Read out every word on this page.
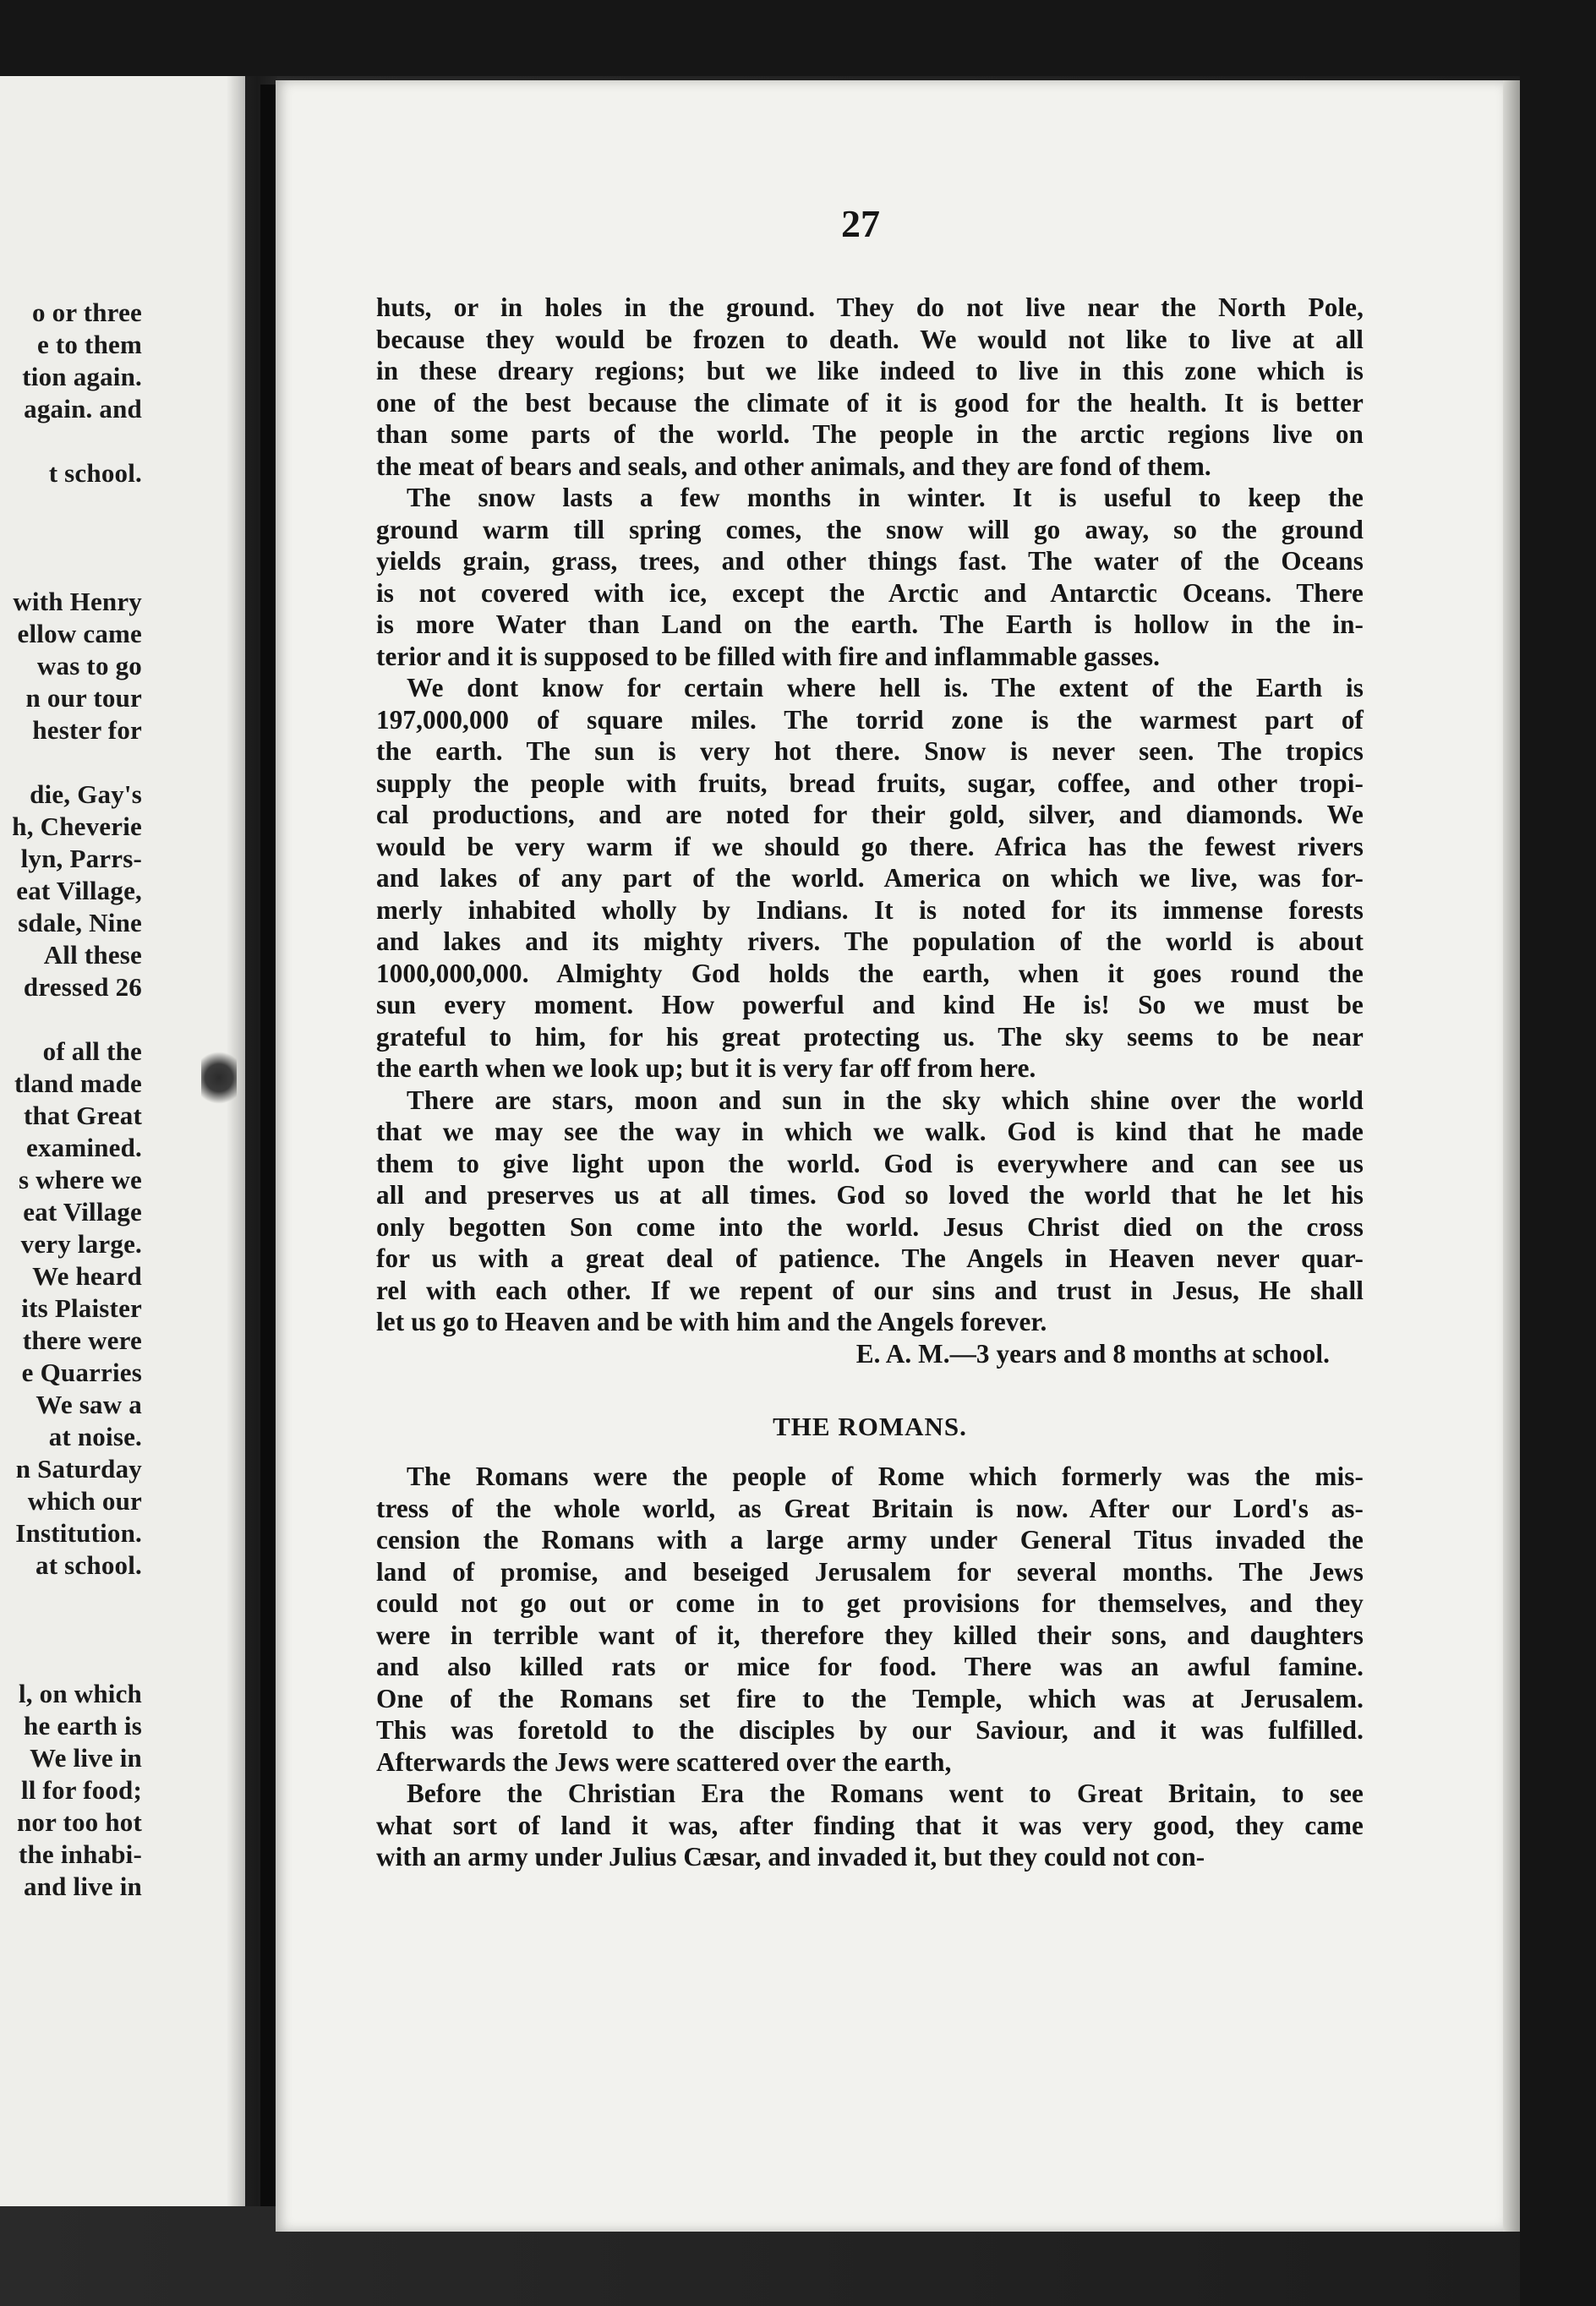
o or three
e to them
tion again.
again. and
t school.
with Henry
ellow came
was to go
n our tour
hester for
die, Gay's
h, Cheverie
lyn, Parrs-
eat Village,
sdale, Nine
All these
dressed 26
of all the
tland made
that Great
examined.
s where we
eat Village
very large.
We heard
its Plaister
there were
e Quarries
We saw a
at noise.
n Saturday
which our
Institution.
at school.
l, on which
he earth is
We live in
ll for food;
nor too hot
the inhabi-
and live in
27
huts, or in holes in the ground. They do not live near the North Pole,
because they would be frozen to death. We would not like to live at all
in these dreary regions; but we like indeed to live in this zone which is
one of the best because the climate of it is good for the health. It is better
than some parts of the world. The people in the arctic regions live on
the meat of bears and seals, and other animals, and they are fond of them.
The snow lasts a few months in winter. It is useful to keep the
ground warm till spring comes, the snow will go away, so the ground
yields grain, grass, trees, and other things fast. The water of the Oceans
is not covered with ice, except the Arctic and Antarctic Oceans. There
is more Water than Land on the earth. The Earth is hollow in the in-
terior and it is supposed to be filled with fire and inflammable gasses.
We dont know for certain where hell is. The extent of the Earth is
197,000,000 of square miles. The torrid zone is the warmest part of
the earth. The sun is very hot there. Snow is never seen. The tropics
supply the people with fruits, bread fruits, sugar, coffee, and other tropi-
cal productions, and are noted for their gold, silver, and diamonds. We
would be very warm if we should go there. Africa has the fewest rivers
and lakes of any part of the world. America on which we live, was for-
merly inhabited wholly by Indians. It is noted for its immense forests
and lakes and its mighty rivers. The population of the world is about
1000,000,000. Almighty God holds the earth, when it goes round the
sun every moment. How powerful and kind He is! So we must be
grateful to him, for his great protecting us. The sky seems to be near
the earth when we look up; but it is very far off from here.
There are stars, moon and sun in the sky which shine over the world
that we may see the way in which we walk. God is kind that he made
them to give light upon the world. God is everywhere and can see us
all and preserves us at all times. God so loved the world that he let his
only begotten Son come into the world. Jesus Christ died on the cross
for us with a great deal of patience. The Angels in Heaven never quar-
rel with each other. If we repent of our sins and trust in Jesus, He shall
let us go to Heaven and be with him and the Angels forever.
E. A. M.—3 years and 8 months at school.
THE ROMANS.
The Romans were the people of Rome which formerly was the mis-
tress of the whole world, as Great Britain is now. After our Lord's as-
cension the Romans with a large army under General Titus invaded the
land of promise, and beseiged Jerusalem for several months. The Jews
could not go out or come in to get provisions for themselves, and they
were in terrible want of it, therefore they killed their sons, and daughters
and also killed rats or mice for food. There was an awful famine.
One of the Romans set fire to the Temple, which was at Jerusalem.
This was foretold to the disciples by our Saviour, and it was fulfilled.
Afterwards the Jews were scattered over the earth,
Before the Christian Era the Romans went to Great Britain, to see
what sort of land it was, after finding that it was very good, they came
with an army under Julius Cæsar, and invaded it, but they could not con-
